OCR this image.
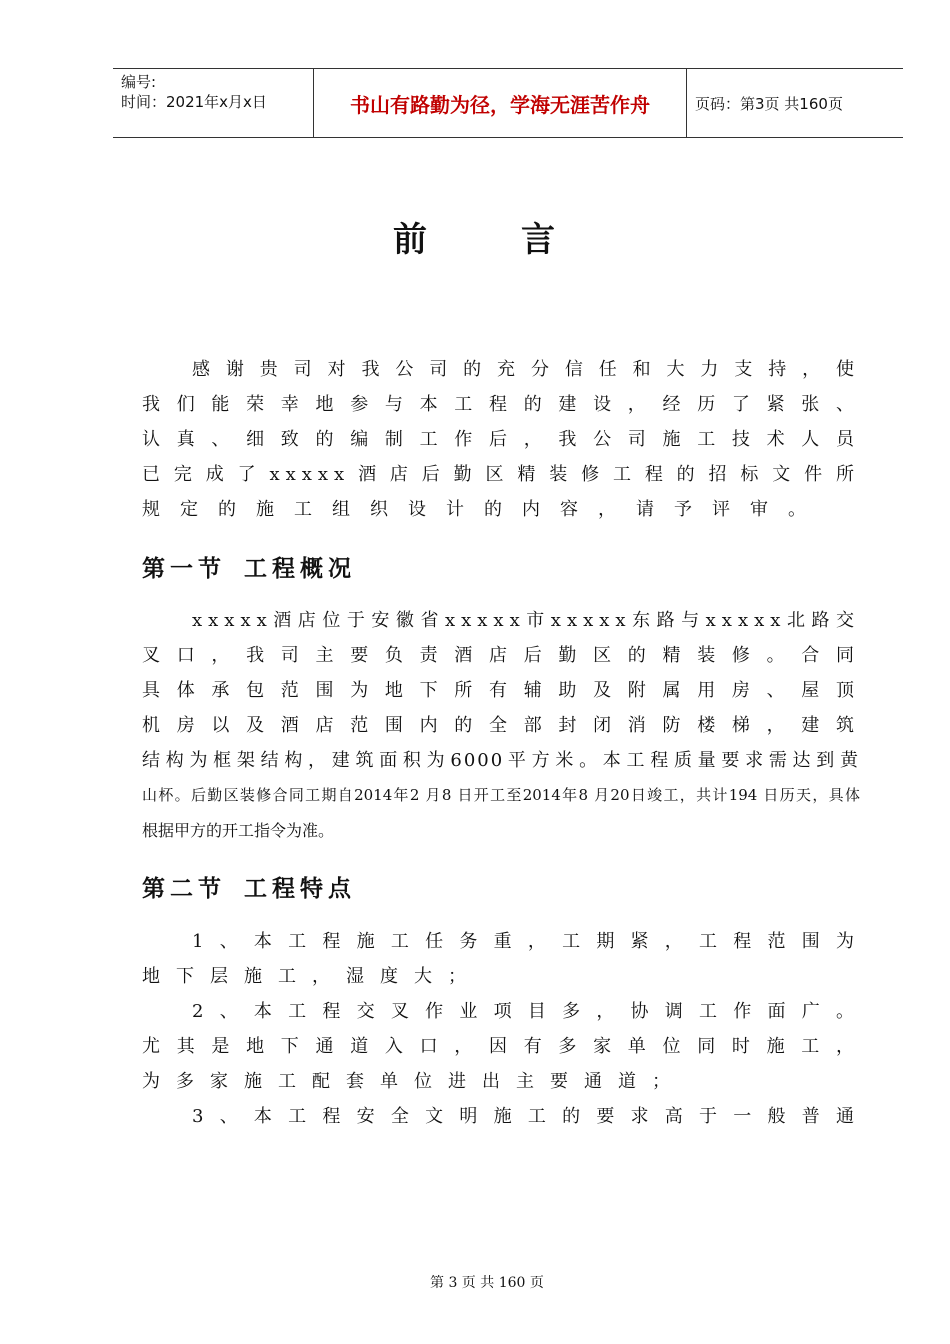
编号:
时间：2021年x月x日	书山有路勤为径，学海无涯苦作舟	页码：第3页 共160页
前	言
感谢贵司对我公司的充分信任和大力支持，使
我们能荣幸地参与本工程的建设，经历了紧张、
认真、细致的编制工作后，我公司施工技术人员
已完成了xxxxx酒店后勤区精装修工程的招标文件所
规定的施工组织设计的内容，请予评审。
第一节 工程概况
xxxxx酒店位于安徽省xxxxx市xxxxx东路与xxxxx北路交
叉口，我司主要负责酒店后勤区的精装修。合同
具体承包范围为地下所有辅助及附属用房、屋顶
机房以及酒店范围内的全部封闭消防楼梯，建筑
结构为框架结构，建筑面积为6000平方米。本工程质量要求需达到黄
山杯。后勤区装修合同工期自2014年2 月8 日开工至2014年8 月20日竣工，共计194 日历天，具体
根据甲方的开工指令为准。
第二节 工程特点
1、本工程施工任务重，工期紧，工程范围为
地下层施工，湿度大；
2、本工程交叉作业项目多，协调工作面广。
尤其是地下通道入口，因有多家单位同时施工，
为多家施工配套单位进出主要通道；
3、本工程安全文明施工的要求高于一般普通
第 3 页 共 160 页
